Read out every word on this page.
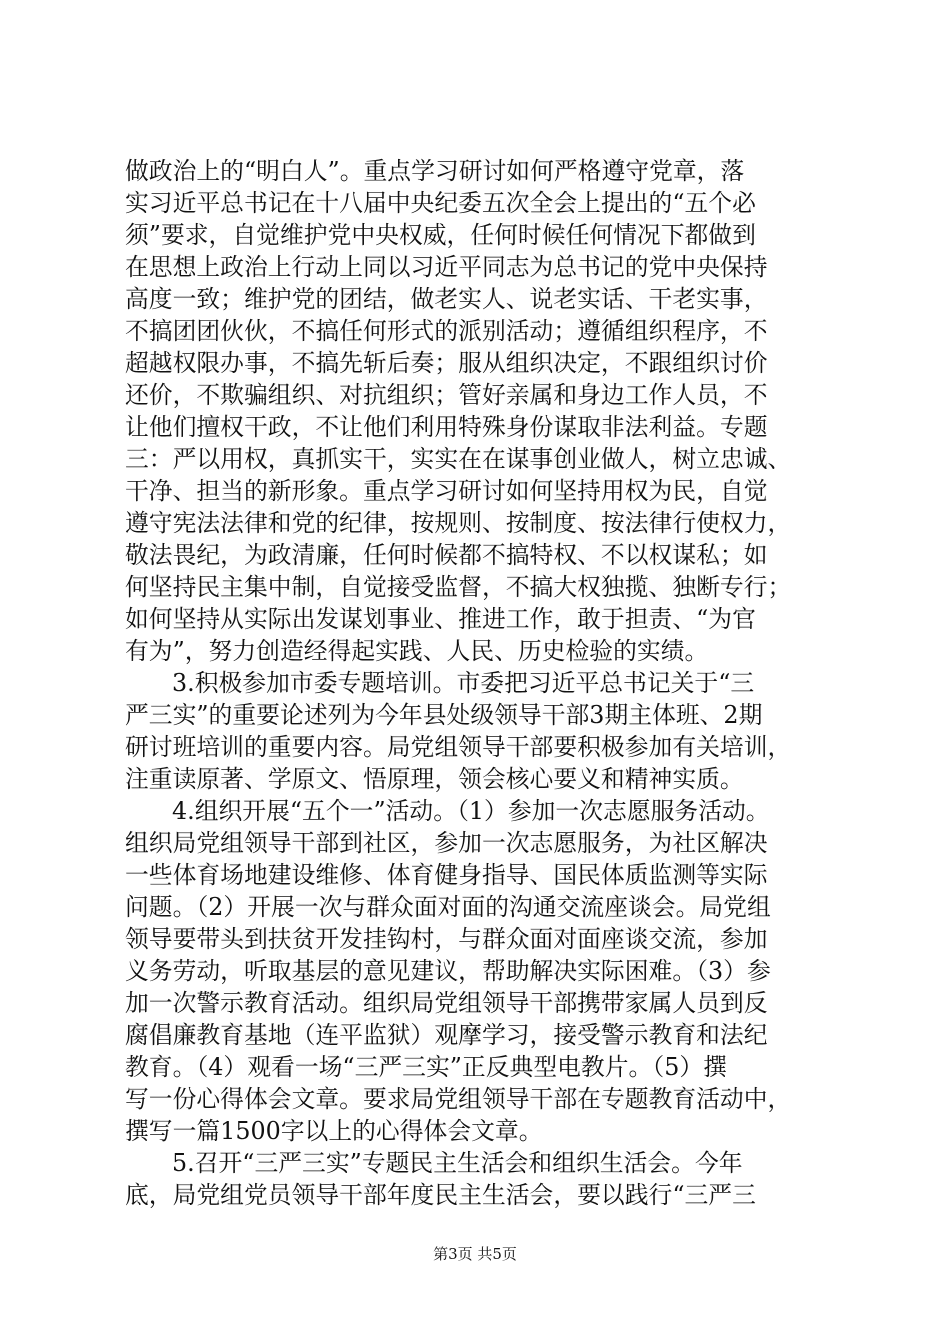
做政治上的“明白人”。重点学习研讨如何严格遵守党章，落
实习近平总书记在十八届中央纪委五次全会上提出的“五个必
须”要求，自觉维护党中央权威，任何时候任何情况下都做到
在思想上政治上行动上同以习近平同志为总书记的党中央保持
高度一致；维护党的团结，做老实人、说老实话、干老实事，
不搞团团伙伙，不搞任何形式的派别活动；遵循组织程序，不
超越权限办事，不搞先斩后奏；服从组织决定，不跟组织讨价
还价，不欺骗组织、对抗组织；管好亲属和身边工作人员，不
让他们擅权干政，不让他们利用特殊身份谋取非法利益。专题
三：严以用权，真抓实干，实实在在谋事创业做人，树立忠诚、
干净、担当的新形象。重点学习研讨如何坚持用权为民，自觉
遵守宪法法律和党的纪律，按规则、按制度、按法律行使权力，
敬法畏纪，为政清廉，任何时候都不搞特权、不以权谋私；如
何坚持民主集中制，自觉接受监督，不搞大权独揽、独断专行；
如何坚持从实际出发谋划事业、推进工作，敢于担责、“为官
有为”，努力创造经得起实践、人民、历史检验的实绩。
3.积极参加市委专题培训。市委把习近平总书记关于“三
严三实”的重要论述列为今年县处级领导干部3期主体班、2期
研讨班培训的重要内容。局党组领导干部要积极参加有关培训，
注重读原著、学原文、悟原理，领会核心要义和精神实质。
4.组织开展“五个一”活动。（1）参加一次志愿服务活动。
组织局党组领导干部到社区，参加一次志愿服务，为社区解决
一些体育场地建设维修、体育健身指导、国民体质监测等实际
问题。（2）开展一次与群众面对面的沟通交流座谈会。局党组
领导要带头到扶贫开发挂钩村，与群众面对面座谈交流，参加
义务劳动，听取基层的意见建议，帮助解决实际困难。（3）参
加一次警示教育活动。组织局党组领导干部携带家属人员到反
腐倡廉教育基地（连平监狱）观摩学习，接受警示教育和法纪
教育。（4）观看一场“三严三实”正反典型电教片。（5）撰
写一份心得体会文章。要求局党组领导干部在专题教育活动中，
撰写一篇1500字以上的心得体会文章。
5.召开“三严三实”专题民主生活会和组织生活会。今年
底，局党组党员领导干部年度民主生活会，要以践行“三严三
第3页 共5页
